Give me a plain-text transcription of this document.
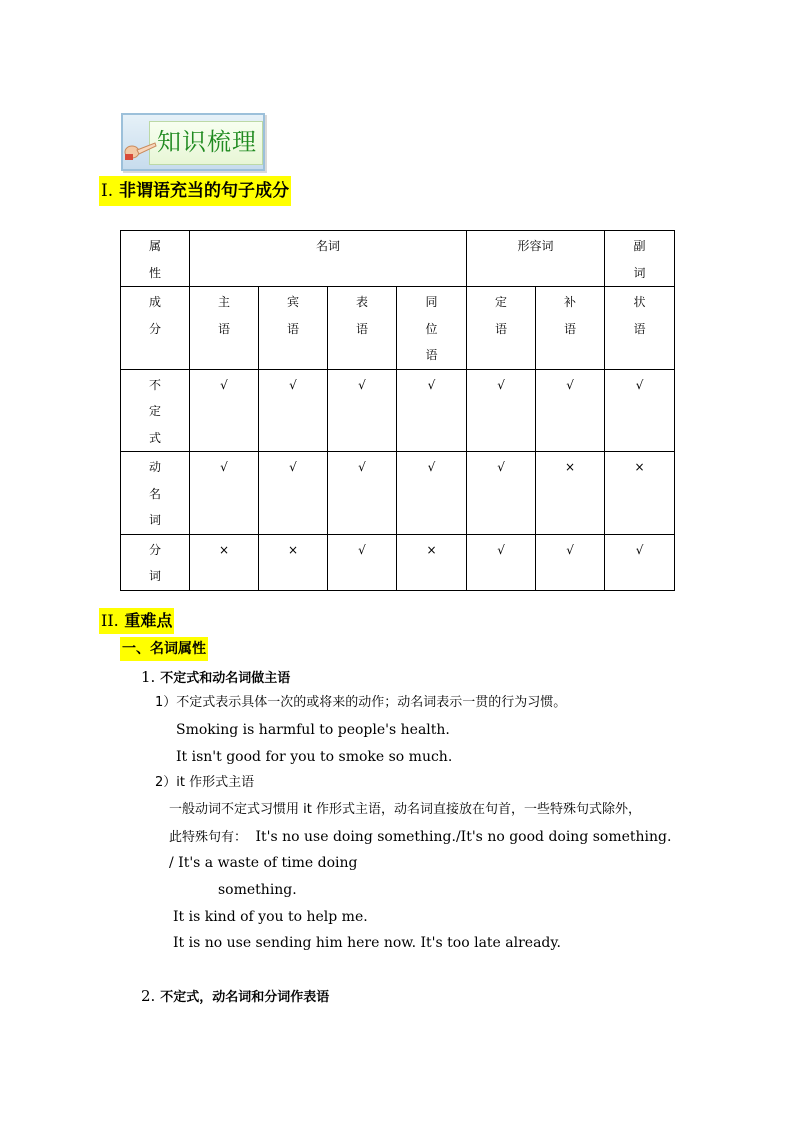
知识梳理
I. 非谓语充当的句子成分
属性	名词				形容词		副词
成分	主语	宾语	表语	同位语	定语	补语	状语
不定式	√	√	√	√	√	√	√
动名词	√	√	√	√	√	×	×
分词	×	×	√	×	√	√	√
II. 重难点
一、名词属性
1. 不定式和动名词做主语
1）不定式表示具体一次的或将来的动作；动名词表示一贯的行为习惯。
Smoking is harmful to people's health.
It isn't good for you to smoke so much.
2）it 作形式主语
一般动词不定式习惯用 it 作形式主语，动名词直接放在句首，一些特殊句式除外，
此特殊句有： It's no use doing something./It's no good doing something.
/ It's a waste of time doing
something.
It is kind of you to help me.
It is no use sending him here now. It's too late already.
2. 不定式，动名词和分词作表语
